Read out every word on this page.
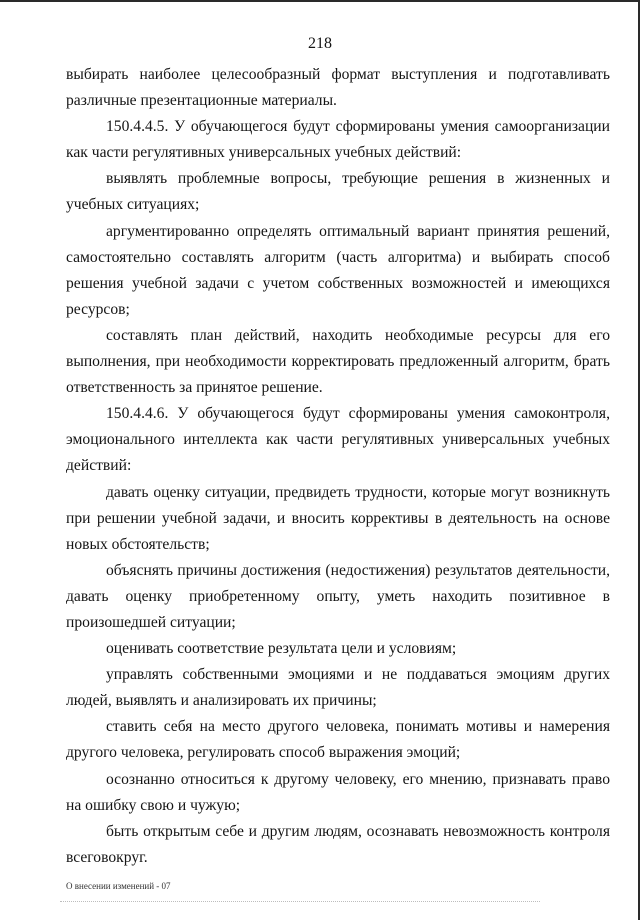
218

выбирать наиболее целесообразный формат выступления и подготавливать различные презентационные материалы.

150.4.4.5. У обучающегося будут сформированы умения самоорганизации как части регулятивных универсальных учебных действий:

выявлять проблемные вопросы, требующие решения в жизненных и учебных ситуациях;

аргументированно определять оптимальный вариант принятия решений, самостоятельно составлять алгоритм (часть алгоритма) и выбирать способ решения учебной задачи с учетом собственных возможностей и имеющихся ресурсов;

составлять план действий, находить необходимые ресурсы для его выполнения, при необходимости корректировать предложенный алгоритм, брать ответственность за принятое решение.

150.4.4.6. У обучающегося будут сформированы умения самоконтроля, эмоционального интеллекта как части регулятивных универсальных учебных действий:

давать оценку ситуации, предвидеть трудности, которые могут возникнуть при решении учебной задачи, и вносить коррективы в деятельность на основе новых обстоятельств;

объяснять причины достижения (недостижения) результатов деятельности, давать оценку приобретенному опыту, уметь находить позитивное в произошедшей ситуации;

оценивать соответствие результата цели и условиям;

управлять собственными эмоциями и не поддаваться эмоциям других людей, выявлять и анализировать их причины;

ставить себя на место другого человека, понимать мотивы и намерения другого человека, регулировать способ выражения эмоций;

осознанно относиться к другому человеку, его мнению, признавать право на ошибку свою и чужую;

быть открытым себе и другим людям, осознавать невозможность контроля всеговокруг.

О внесении изменений - 07
